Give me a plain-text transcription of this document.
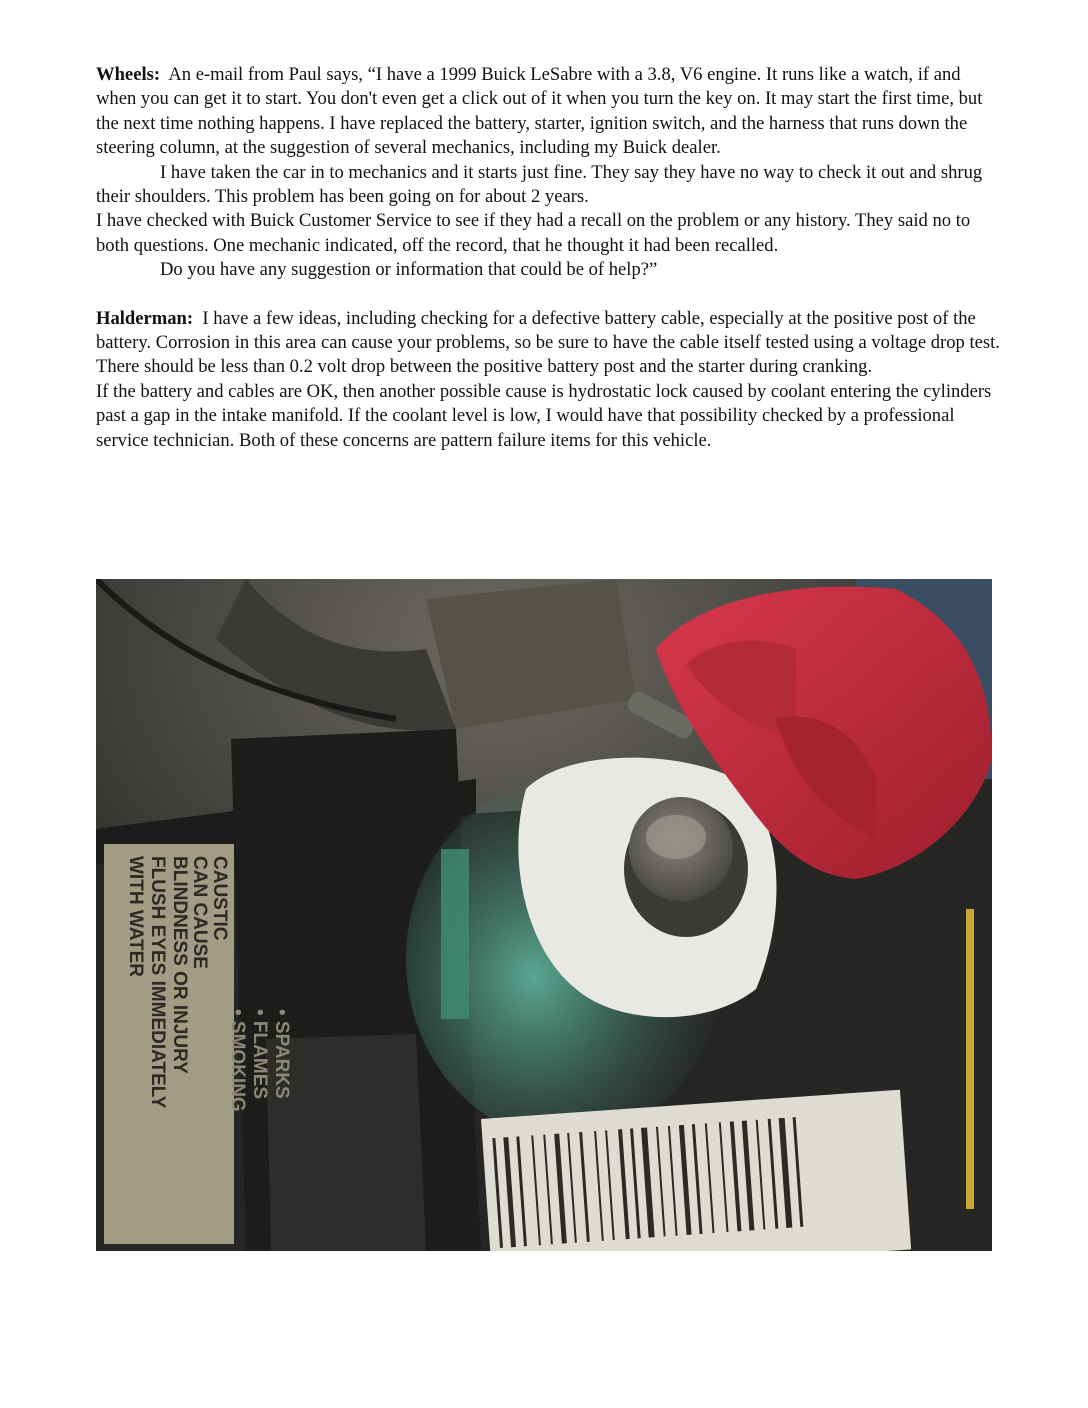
Wheels: An e-mail from Paul says, “I have a 1999 Buick LeSabre with a 3.8, V6 engine. It runs like a watch, if and when you can get it to start. You don't even get a click out of it when you turn the key on. It may start the first time, but the next time nothing happens. I have replaced the battery, starter, ignition switch, and the harness that runs down the steering column, at the suggestion of several mechanics, including my Buick dealer.

I have taken the car in to mechanics and it starts just fine. They say they have no way to check it out and shrug their shoulders. This problem has been going on for about 2 years.

I have checked with Buick Customer Service to see if they had a recall on the problem or any history. They said no to both questions. One mechanic indicated, off the record, that he thought it had been recalled.

Do you have any suggestion or information that could be of help?”

Halderman: I have a few ideas, including checking for a defective battery cable, especially at the positive post of the battery. Corrosion in this area can cause your problems, so be sure to have the cable itself tested using a voltage drop test. There should be less than 0.2 volt drop between the positive battery post and the starter during cranking.

If the battery and cables are OK, then another possible cause is hydrostatic lock caused by coolant entering the cylinders past a gap in the intake manifold. If the coolant level is low, I would have that possibility checked by a professional service technician. Both of these concerns are pattern failure items for this vehicle.

CAUSTIC CAN CAUSE BLINDNESS OR INJURY FLUSH EYES IMMEDIATELY WITH WATER
• SPARKS • FLAMES • SMOKING
